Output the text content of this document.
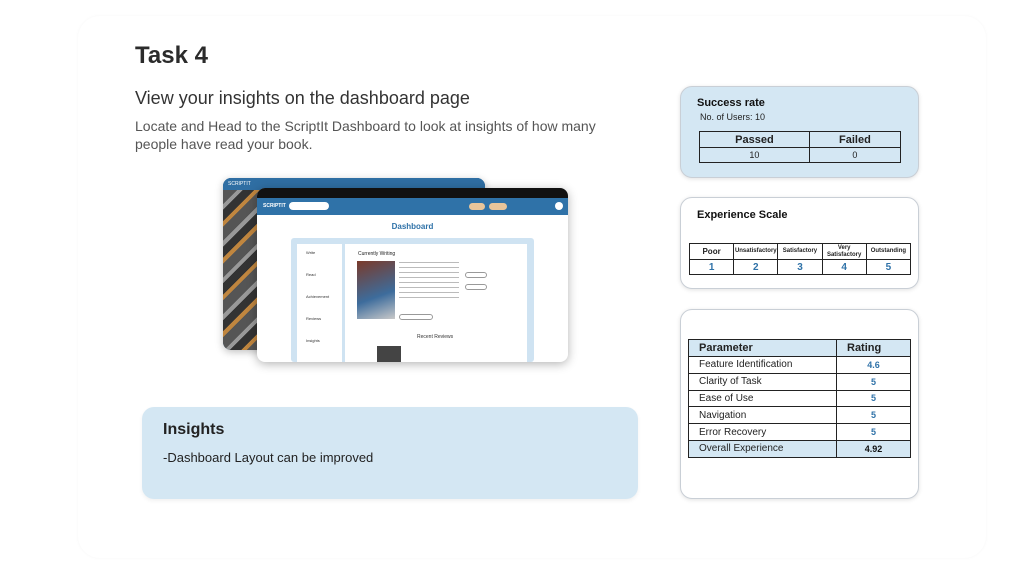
Task 4
View your insights on the dashboard page

Locate and Head to the ScriptIt Dashboard to look at insights of how many people have read your book.

SCRIPTIT
SCRIPTIT
Dashboard
Write
Read
Achievement
Reviews
Insights
Currently Writing
Recent Reviews
Insights
-Dashboard Layout can be improved
Success rate
No. of Users: 10
Passed	Failed
10	0
Experience Scale
Poor	Unsatisfactory	Satisfactory	Very Satisfactory	Outstanding
1	2	3	4	5
Parameter	Rating
Feature Identification	4.6
Clarity of Task	5
Ease of Use	5
Navigation	5
Error Recovery	5
Overall Experience	4.92
